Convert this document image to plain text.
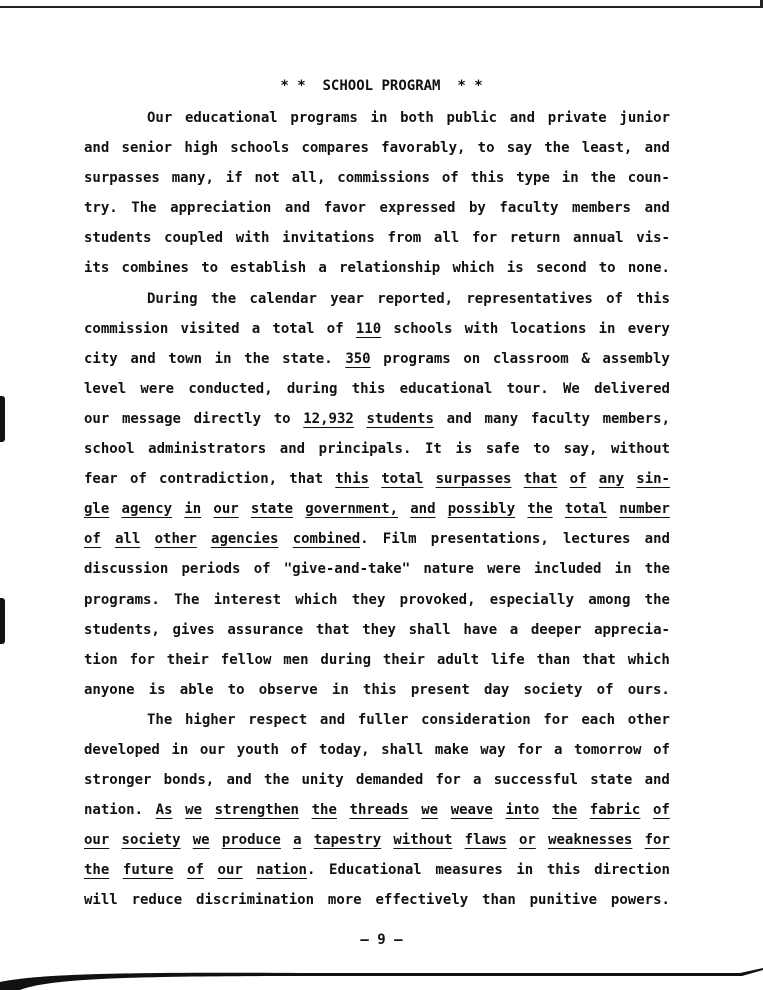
* *  SCHOOL PROGRAM  * *
Our educational programs in both public and private junior
and senior high schools compares favorably, to say the least, and
surpasses many, if not all, commissions of this type in the coun-
try. The appreciation and favor expressed by faculty members and
students coupled with invitations from all for return annual vis-
its combines to establish a relationship which is second to none.
During the calendar year reported, representatives of this
commission visited a total of 110 schools with locations in every
city and town in the state. 350 programs on classroom & assembly
level were conducted, during this educational tour. We delivered
our message directly to 12,932 students and many faculty members,
school administrators and principals. It is safe to say, without
fear of contradiction, that this total surpasses that of any sin-
gle agency in our state government, and possibly the total number
of all other agencies combined. Film presentations, lectures and
discussion periods of "give-and-take" nature were included in the
programs. The interest which they provoked, especially among the
students, gives assurance that they shall have a deeper apprecia-
tion for their fellow men during their adult life than that which
anyone is able to observe in this present day society of ours.
The higher respect and fuller consideration for each other
developed in our youth of today, shall make way for a tomorrow of
stronger bonds, and the unity demanded for a successful state and
nation. As we strengthen the threads we weave into the fabric of
our society we produce a tapestry without flaws or weaknesses for
the future of our nation. Educational measures in this direction
will reduce discrimination more effectively than punitive powers.
– 9 –
